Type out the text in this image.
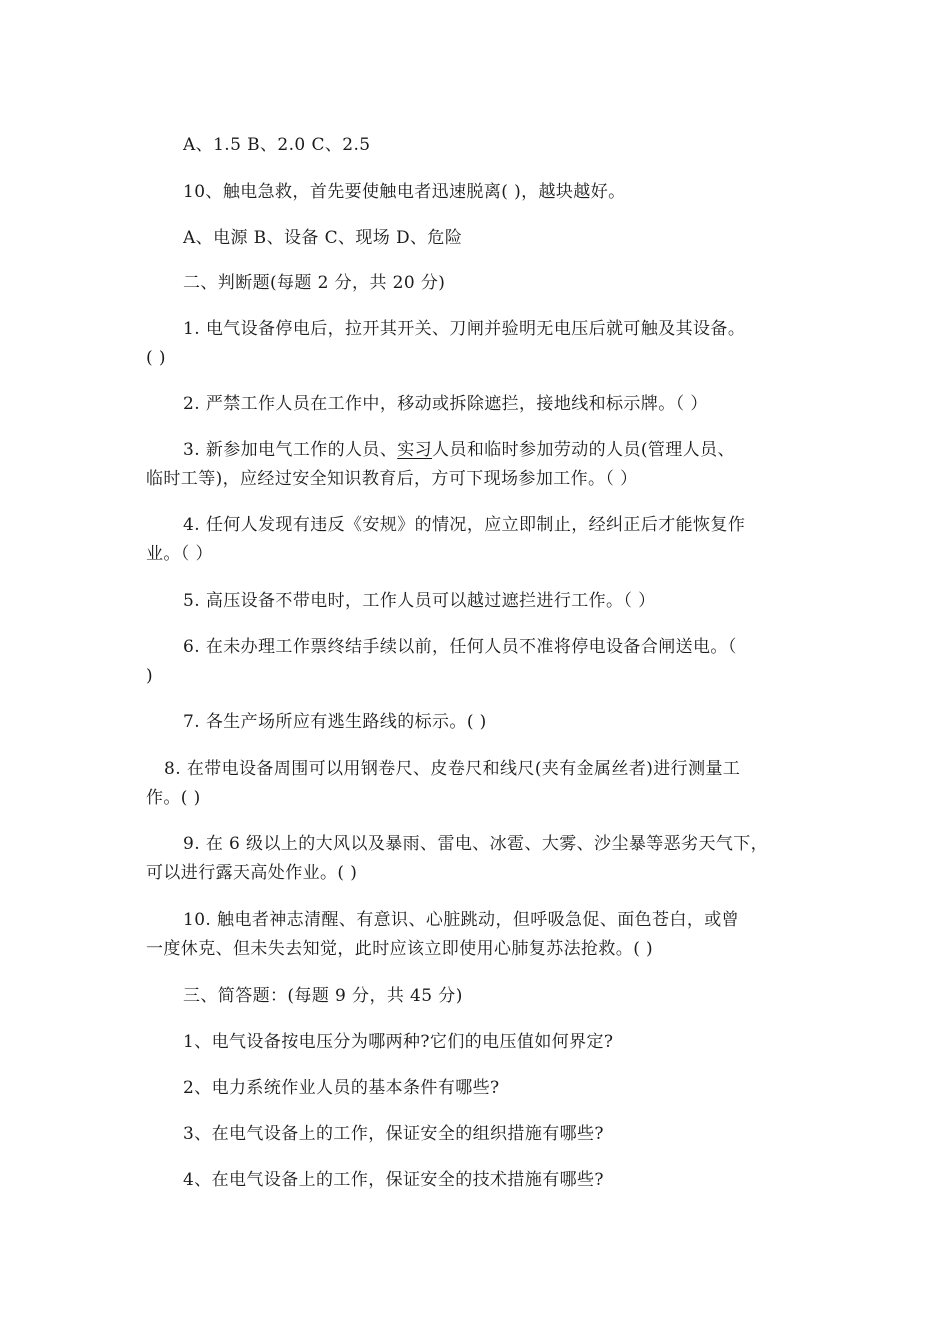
A、1.5 B、2.0 C、2.5
10、触电急救，首先要使触电者迅速脱离( )，越块越好。
A、电源 B、设备 C、现场 D、危险
二、判断题(每题 2 分，共 20 分)
1. 电气设备停电后，拉开其开关、刀闸并验明无电压后就可触及其设备。
( )
2. 严禁工作人员在工作中，移动或拆除遮拦，接地线和标示牌。（ ）
3. 新参加电气工作的人员、实习人员和临时参加劳动的人员(管理人员、
临时工等)，应经过安全知识教育后，方可下现场参加工作。（ ）
4. 任何人发现有违反《安规》的情况，应立即制止，经纠正后才能恢复作
业。（ ）
5. 高压设备不带电时，工作人员可以越过遮拦进行工作。（ ）
6. 在未办理工作票终结手续以前，任何人员不准将停电设备合闸送电。（
)
7. 各生产场所应有逃生路线的标示。( )
8. 在带电设备周围可以用钢卷尺、皮卷尺和线尺(夹有金属丝者)进行测量工
作。( )
9. 在 6 级以上的大风以及暴雨、雷电、冰雹、大雾、沙尘暴等恶劣天气下，
可以进行露天高处作业。( )
10. 触电者神志清醒、有意识、心脏跳动，但呼吸急促、面色苍白，或曾
一度休克、但未失去知觉，此时应该立即使用心肺复苏法抢救。( )
三、简答题：(每题 9 分，共 45 分)
1、电气设备按电压分为哪两种?它们的电压值如何界定?
2、电力系统作业人员的基本条件有哪些?
3、在电气设备上的工作，保证安全的组织措施有哪些?
4、在电气设备上的工作，保证安全的技术措施有哪些?
